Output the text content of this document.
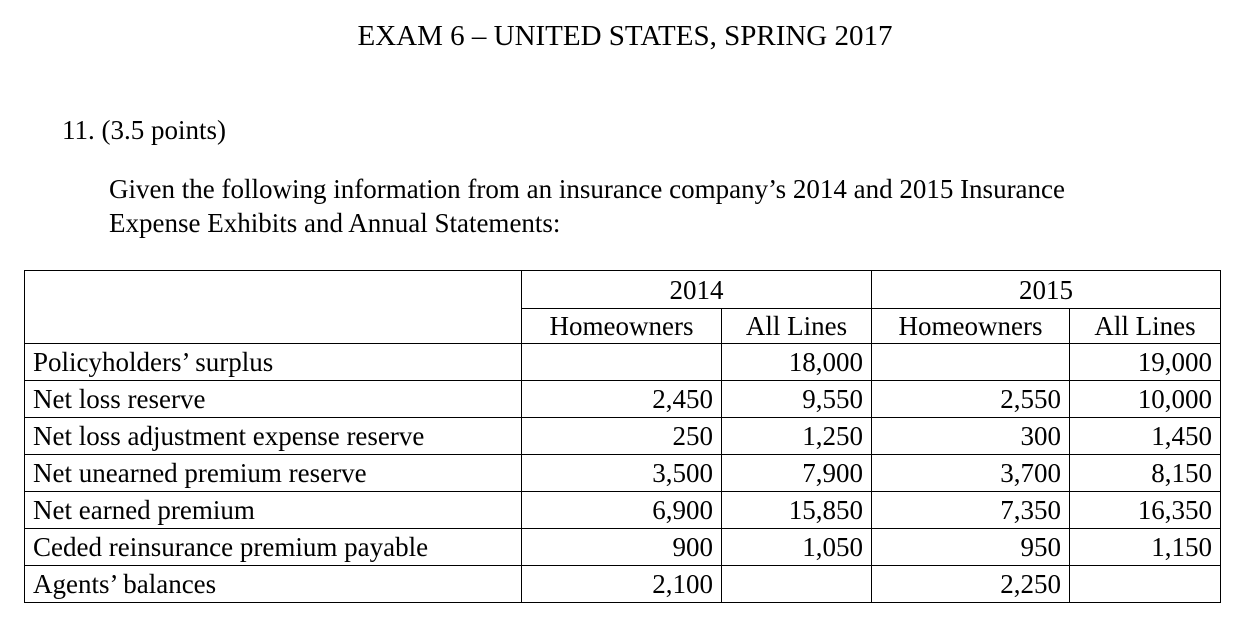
EXAM 6 – UNITED STATES, SPRING 2017
11. (3.5 points)
Given the following information from an insurance company’s 2014 and 2015 Insurance
Expense Exhibits and Annual Statements:
	2014		2015	
	Homeowners	All Lines	Homeowners	All Lines
Policyholders’ surplus		18,000		19,000
Net loss reserve	2,450	9,550	2,550	10,000
Net loss adjustment expense reserve	250	1,250	300	1,450
Net unearned premium reserve	3,500	7,900	3,700	8,150
Net earned premium	6,900	15,850	7,350	16,350
Ceded reinsurance premium payable	900	1,050	950	1,150
Agents’ balances	2,100		2,250	
